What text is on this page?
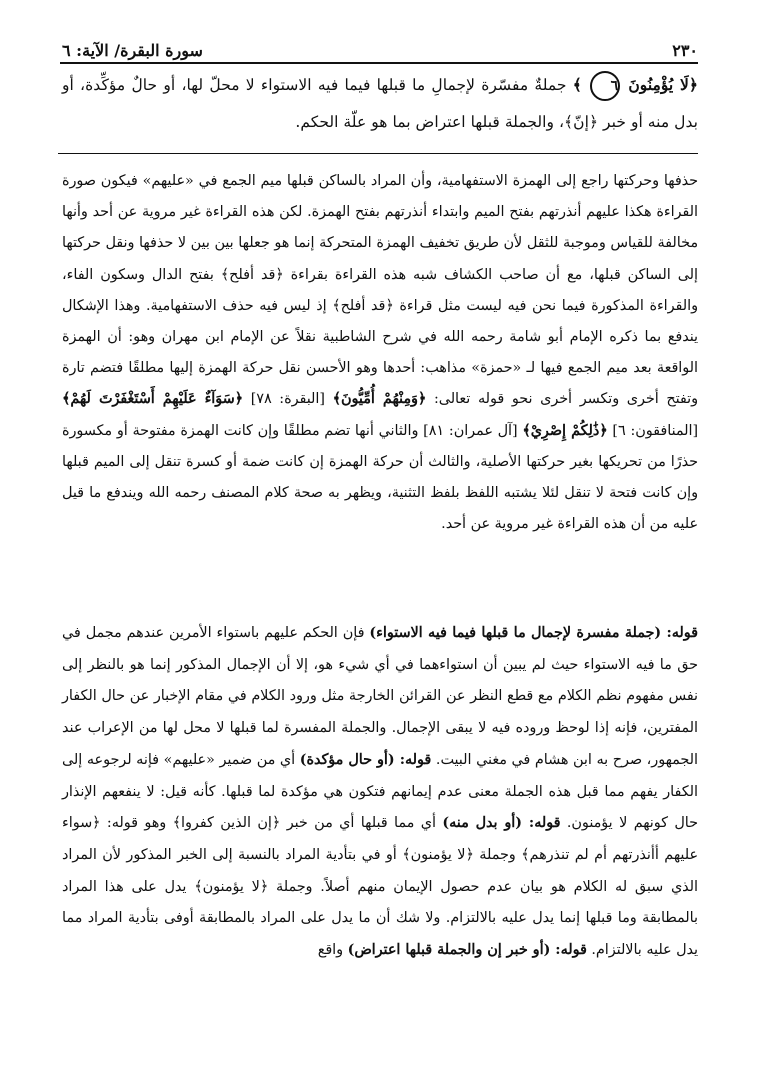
٢٣٠
سورة البقرة/ الآية: ٦

﴿لَا يُؤْمِنُونَ ٦ ﴾ جملةٌ مفسّرة لإجمالِ ما قبلها فيما فيه الاستواء لا محلّ لها، أو حالٌ مؤكِّدة، أو بدل منه أو خبر ﴿إنّ﴾، والجملة قبلها اعتراض بما هو علّة الحكم.

حذفها وحركتها راجع إلى الهمزة الاستفهامية، وأن المراد بالساكن قبلها ميم الجمع في «عليهم» فيكون صورة القراءة هكذا عليهم أنذرتهم بفتح الميم وابتداء أنذرتهم بفتح الهمزة. لكن هذه القراءة غير مروية عن أحد وأنها مخالفة للقياس وموجبة للثقل لأن طريق تخفيف الهمزة المتحركة إنما هو جعلها بين بين لا حذفها ونقل حركتها إلى الساكن قبلها، مع أن صاحب الكشاف شبه هذه القراءة بقراءة ﴿قد أفلح﴾ بفتح الدال وسكون الفاء، والقراءة المذكورة فيما نحن فيه ليست مثل قراءة ﴿قد أفلح﴾ إذ ليس فيه حذف الاستفهامية. وهذا الإشكال يندفع بما ذكره الإمام أبو شامة رحمه الله في شرح الشاطبية نقلاً عن الإمام ابن مهران وهو: أن الهمزة الواقعة بعد ميم الجمع فيها لـ «حمزة» مذاهب: أحدها وهو الأحسن نقل حركة الهمزة إليها مطلقًا فتضم تارة وتفتح أخرى وتكسر أخرى نحو قوله تعالى: ﴿وَمِنْهُمْ أُمِّيُّونَ﴾ [البقرة: ٧٨] ﴿سَوَآءٌ عَلَيْهِمْ أَسْتَغْفَرْتَ لَهُمْ﴾ [المنافقون: ٦] ﴿ذَٰلِكُمْ إِصْرِيْ﴾ [آل عمران: ٨١] والثاني أنها تضم مطلقًا وإن كانت الهمزة مفتوحة أو مكسورة حذرًا من تحريكها بغير حركتها الأصلية، والثالث أن حركة الهمزة إن كانت ضمة أو كسرة تنقل إلى الميم قبلها وإن كانت فتحة لا تنقل لئلا يشتبه اللفظ بلفظ التثنية، ويظهر به صحة كلام المصنف رحمه الله ويندفع ما قيل عليه من أن هذه القراءة غير مروية عن أحد.

قوله: (جملة مفسرة لإجمال ما قبلها فيما فيه الاستواء) فإن الحكم عليهم باستواء الأمرين عندهم مجمل في حق ما فيه الاستواء حيث لم يبين أن استواءهما في أي شيء هو، إلا أن الإجمال المذكور إنما هو بالنظر إلى نفس مفهوم نظم الكلام مع قطع النظر عن القرائن الخارجة مثل ورود الكلام في مقام الإخبار عن حال الكفار المفترين، فإنه إذا لوحظ وروده فيه لا يبقى الإجمال. والجملة المفسرة لما قبلها لا محل لها من الإعراب عند الجمهور، صرح به ابن هشام في مغني البيت. قوله: (أو حال مؤكدة) أي من ضمير «عليهم» فإنه لرجوعه إلى الكفار يفهم مما قبل هذه الجملة معنى عدم إيمانهم فتكون هي مؤكدة لما قبلها. كأنه قيل: لا ينفعهم الإنذار حال كونهم لا يؤمنون. قوله: (أو بدل منه) أي مما قبلها أي من خبر ﴿إن الذين كفروا﴾ وهو قوله: ﴿سواء عليهم أأنذرتهم أم لم تنذرهم﴾ وجملة ﴿لا يؤمنون﴾ أو في بتأدية المراد بالنسبة إلى الخبر المذكور لأن المراد الذي سبق له الكلام هو بيان عدم حصول الإيمان منهم أصلاً. وجملة ﴿لا يؤمنون﴾ يدل على هذا المراد بالمطابقة وما قبلها إنما يدل عليه بالالتزام. ولا شك أن ما يدل على المراد بالمطابقة أوفى بتأدية المراد مما يدل عليه بالالتزام. قوله: (أو خبر إن والجملة قبلها اعتراض) واقع
